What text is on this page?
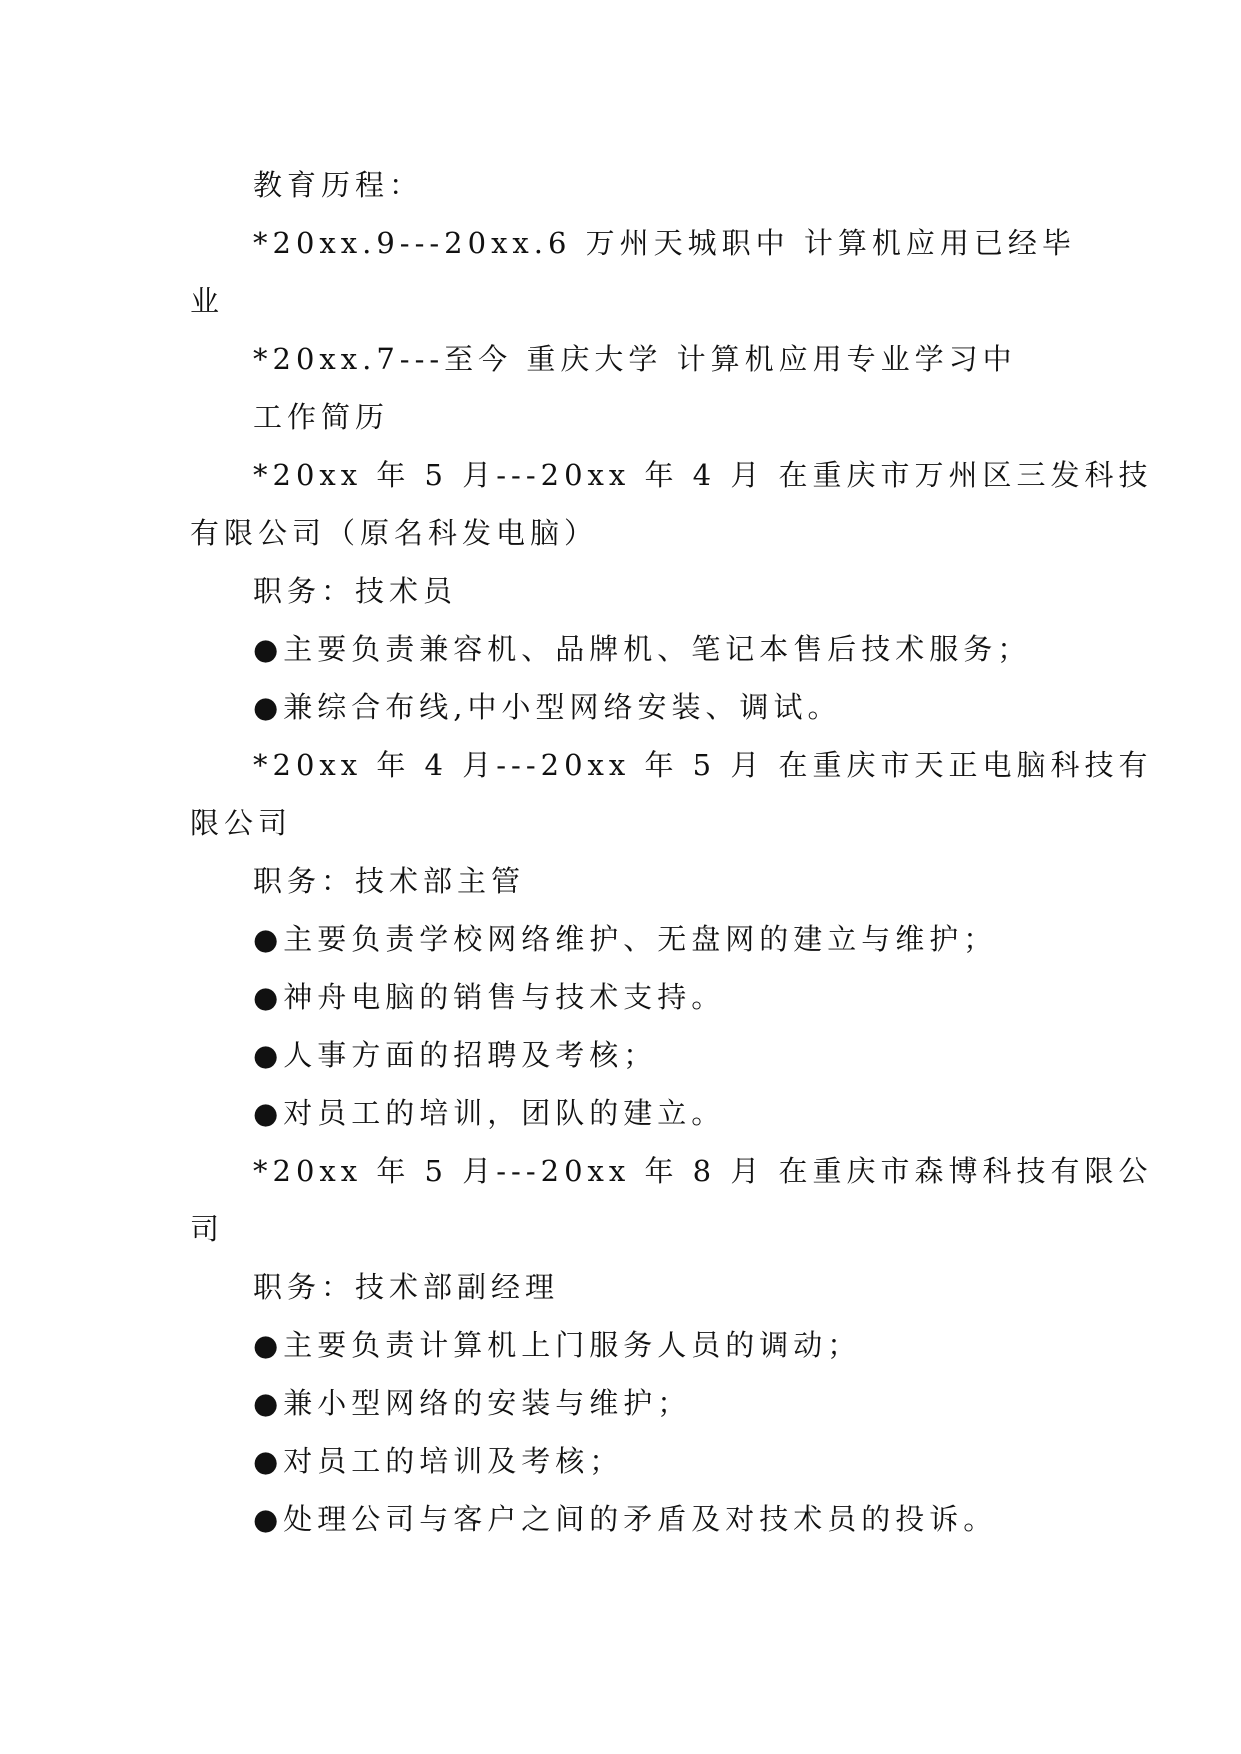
教育历程：
*20xx.9---20xx.6 万州天城职中 计算机应用已经毕
业
*20xx.7---至今 重庆大学 计算机应用专业学习中
工作简历
*20xx 年 5 月---20xx 年 4 月 在重庆市万州区三发科技
有限公司（原名科发电脑）
职务：技术员
●主要负责兼容机、品牌机、笔记本售后技术服务；
●兼综合布线,中小型网络安装、调试。
*20xx 年 4 月---20xx 年 5 月 在重庆市天正电脑科技有
限公司
职务：技术部主管
●主要负责学校网络维护、无盘网的建立与维护；
●神舟电脑的销售与技术支持。
●人事方面的招聘及考核；
●对员工的培训，团队的建立。
*20xx 年 5 月---20xx 年 8 月 在重庆市森博科技有限公
司
职务：技术部副经理
●主要负责计算机上门服务人员的调动；
●兼小型网络的安装与维护；
●对员工的培训及考核；
●处理公司与客户之间的矛盾及对技术员的投诉。
